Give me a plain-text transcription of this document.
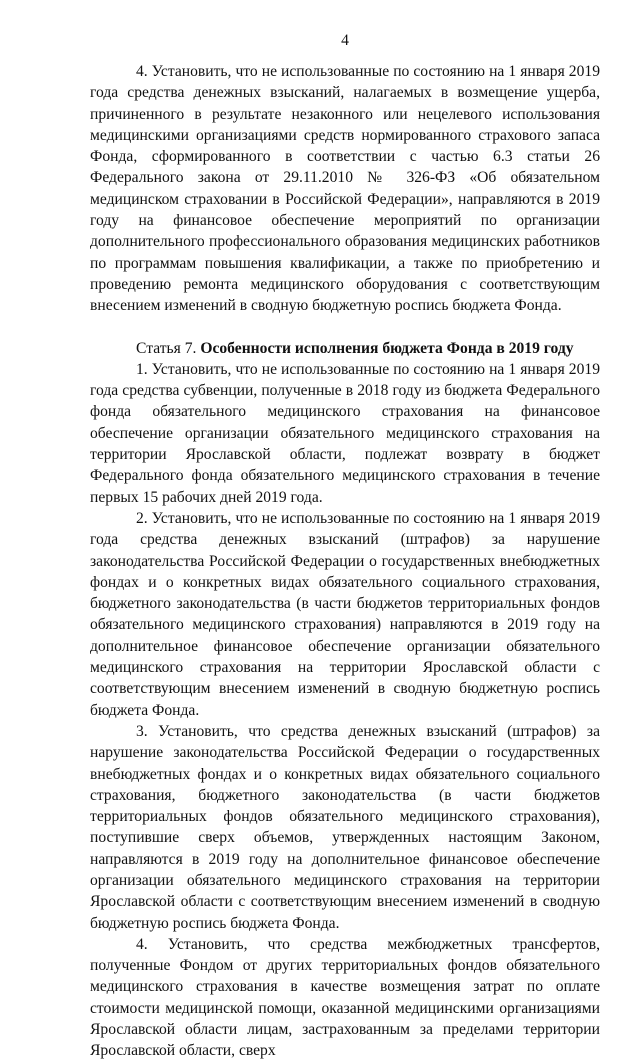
4

4. Установить, что не использованные по состоянию на 1 января 2019 года средства денежных взысканий, налагаемых в возмещение ущерба, причиненного в результате незаконного или нецелевого использования медицинскими организациями средств нормированного страхового запаса Фонда, сформированного в соответствии с частью 6.3 статьи 26 Федерального закона от 29.11.2010 № 326-ФЗ «Об обязательном медицинском страховании в Российской Федерации», направляются в 2019 году на финансовое обеспечение мероприятий по организации дополнительного профессионального образования медицинских работников по программам повышения квалификации, а также по приобретению и проведению ремонта медицинского оборудования с соответствующим внесением изменений в сводную бюджетную роспись бюджета Фонда.

Статья 7. Особенности исполнения бюджета Фонда в 2019 году

1. Установить, что не использованные по состоянию на 1 января 2019 года средства субвенции, полученные в 2018 году из бюджета Федерального фонда обязательного медицинского страхования на финансовое обеспечение организации обязательного медицинского страхования на территории Ярославской области, подлежат возврату в бюджет Федерального фонда обязательного медицинского страхования в течение первых 15 рабочих дней 2019 года.

2. Установить, что не использованные по состоянию на 1 января 2019 года средства денежных взысканий (штрафов) за нарушение законодательства Российской Федерации о государственных внебюджетных фондах и о конкретных видах обязательного социального страхования, бюджетного законодательства (в части бюджетов территориальных фондов обязательного медицинского страхования) направляются в 2019 году на дополнительное финансовое обеспечение организации обязательного медицинского страхования на территории Ярославской области с соответствующим внесением изменений в сводную бюджетную роспись бюджета Фонда.

3. Установить, что средства денежных взысканий (штрафов) за нарушение законодательства Российской Федерации о государственных внебюджетных фондах и о конкретных видах обязательного социального страхования, бюджетного законодательства (в части бюджетов территориальных фондов обязательного медицинского страхования), поступившие сверх объемов, утвержденных настоящим Законом, направляются в 2019 году на дополнительное финансовое обеспечение организации обязательного медицинского страхования на территории Ярославской области с соответствующим внесением изменений в сводную бюджетную роспись бюджета Фонда.

4. Установить, что средства межбюджетных трансфертов, полученные Фондом от других территориальных фондов обязательного медицинского страхования в качестве возмещения затрат по оплате стоимости медицинской помощи, оказанной медицинскими организациями Ярославской области лицам, застрахованным за пределами территории Ярославской области, сверх
